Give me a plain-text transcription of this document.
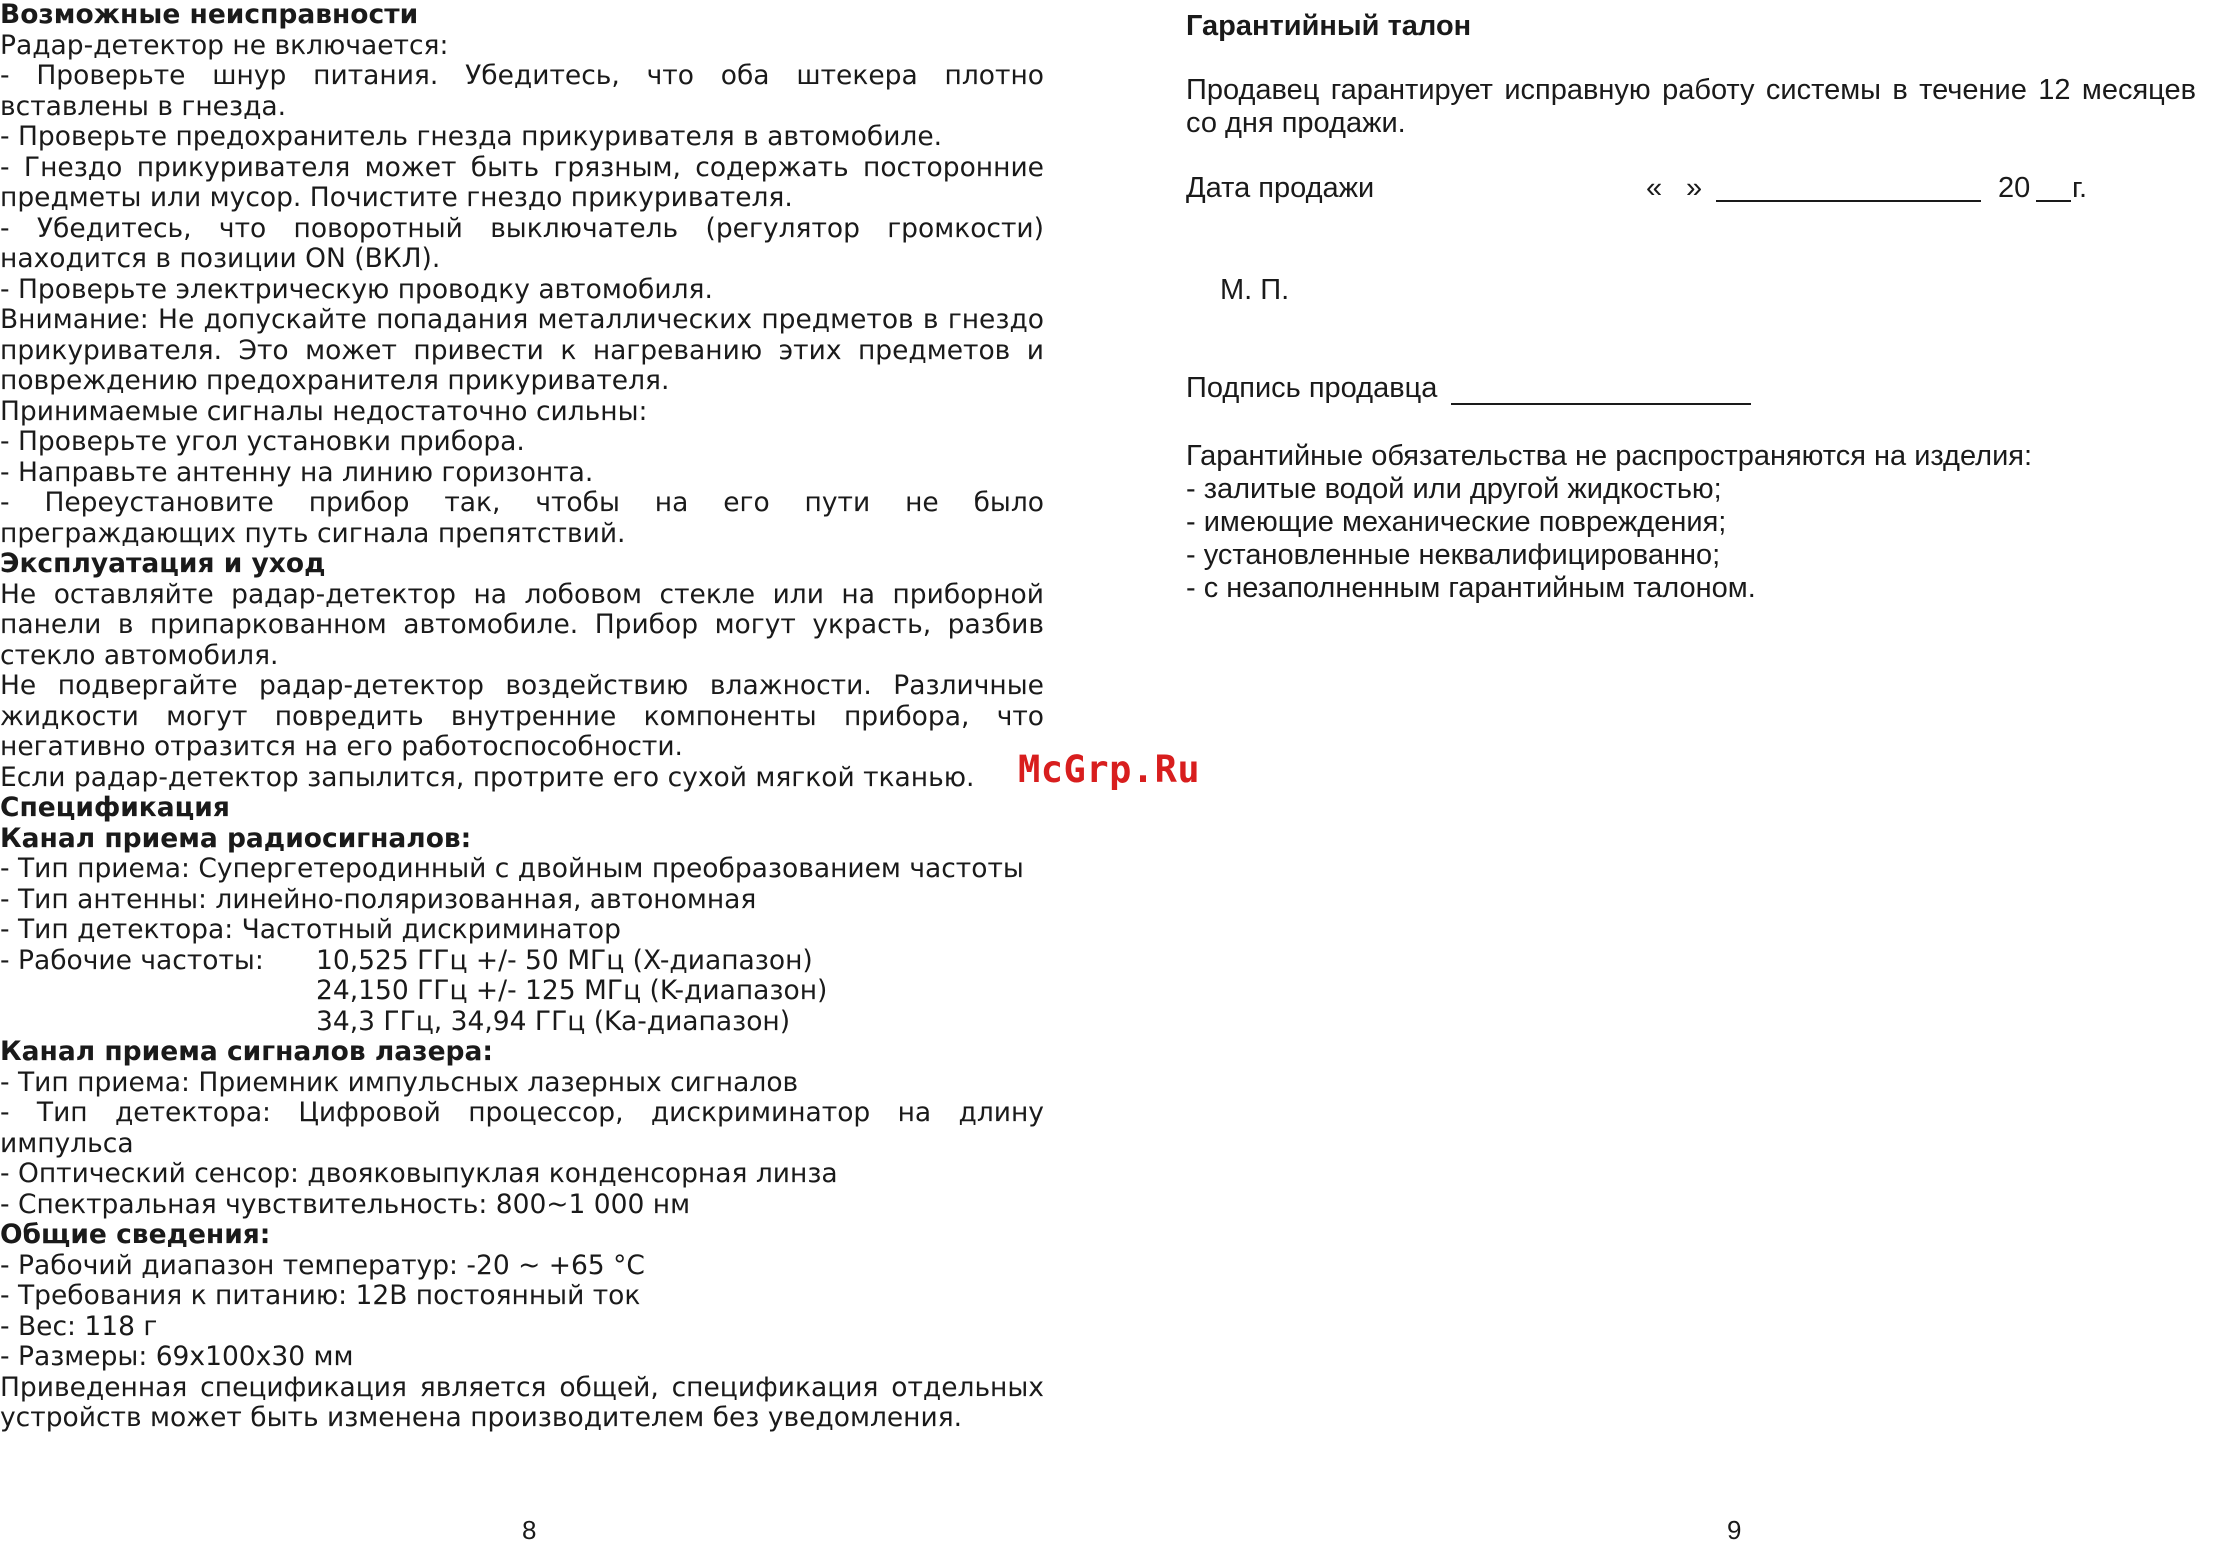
Возможные неисправности

Радар-детектор не включается:

- Проверьте шнур питания. Убедитесь, что оба штекера плотно вставлены в гнезда.

- Проверьте предохранитель гнезда прикуривателя в автомобиле.

- Гнездо прикуривателя может быть грязным, содержать посторонние предметы или мусор. Почистите гнездо прикуривателя.

- Убедитесь, что поворотный выключатель (регулятор громкости) находится в позиции ON (ВКЛ).

- Проверьте электрическую проводку автомобиля.

Внимание: Не допускайте попадания металлических предметов в гнездо прикуривателя. Это может привести к нагреванию этих предметов и повреждению предохранителя прикуривателя.

Принимаемые сигналы недостаточно сильны:

- Проверьте угол установки прибора.

- Направьте антенну на линию горизонта.

- Переустановите прибор так, чтобы на его пути не было преграждающих путь сигнала препятствий.

Эксплуатация и уход

Не оставляйте радар-детектор на лобовом стекле или на приборной панели в припаркованном автомобиле. Прибор могут украсть, разбив стекло автомобиля.

Не подвергайте радар-детектор воздействию влажности. Различные жидкости могут повредить внутренние компоненты прибора, что негативно отразится на его работоспособности.

Если радар-детектор запылится, протрите его сухой мягкой тканью.

Спецификация

Канал приема радиосигналов:

- Тип приема: Супергетеродинный с двойным преобразованием частоты

- Тип антенны: линейно-поляризованная, автономная

- Тип детектора: Частотный дискриминатор

- Рабочие частоты:	10,525 ГГц +/- 50 МГц (X-диапазон)
24,150 ГГц +/- 125 МГц (K-диапазон)
34,3 ГГц, 34,94 ГГц (Ka-диапазон)

Канал приема сигналов лазера:

- Тип приема: Приемник импульсных лазерных сигналов

- Тип детектора: Цифровой процессор, дискриминатор на длину импульса

- Оптический сенсор: двояковыпуклая конденсорная линза

- Спектральная чувствительность: 800~1 000 нм

Общие сведения:

- Рабочий диапазон температур: -20 ~ +65 °С

- Требования к питанию: 12В постоянный ток

- Вес: 118 г

- Размеры: 69х100х30 мм

Приведенная спецификация является общей, спецификация отдельных устройств может быть изменена производителем без уведомления.

Гарантийный талон

Продавец гарантирует исправную работу системы в течение 12 месяцев со дня продажи.

Дата продажи	« »	20 г.

М. П.

Подпись продавца

Гарантийные обязательства не распространяются на изделия:

- залитые водой или другой жидкостью;

- имеющие механические повреждения;

- установленные неквалифицированно;

- с незаполненным гарантийным талоном.

McGrp.Ru
8	9
